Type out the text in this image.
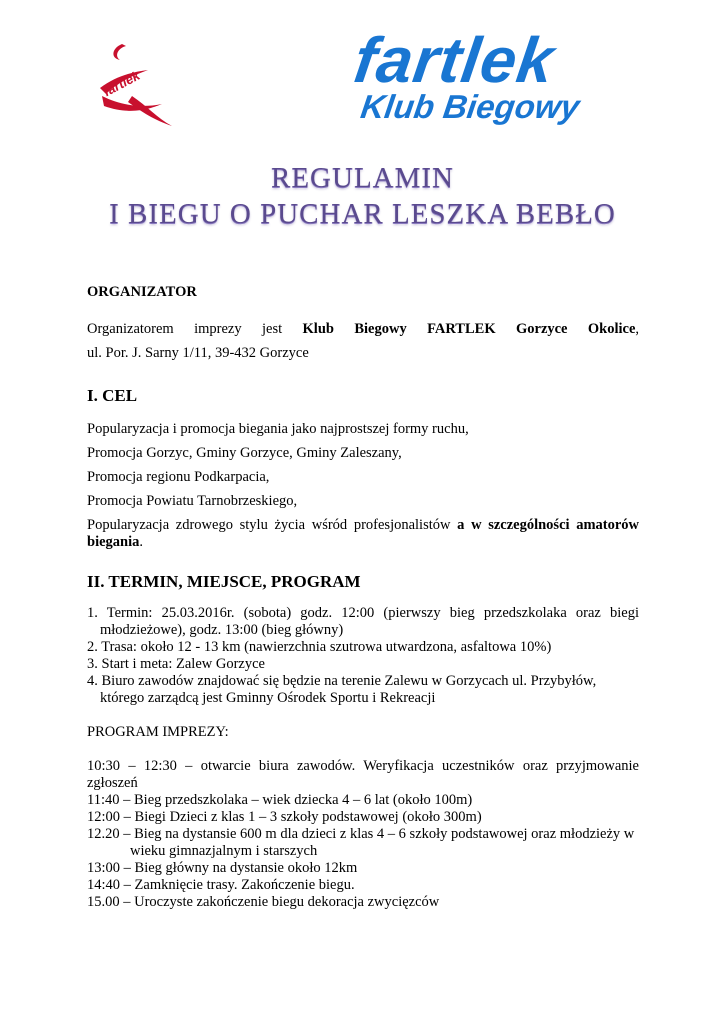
fartlek	fartlek
Klub Biegowy
REGULAMIN
I BIEGU O PUCHAR LESZKA BEBŁO

ORGANIZATOR

Organizatorem imprezy jest Klub Biegowy FARTLEK Gorzyce Okolice,

ul. Por. J. Sarny 1/11, 39-432 Gorzyce

I. CEL

Popularyzacja i promocja biegania jako najprostszej formy ruchu,

Promocja Gorzyc, Gminy Gorzyce, Gminy Zaleszany,

Promocja regionu Podkarpacia,

Promocja Powiatu Tarnobrzeskiego,

Popularyzacja zdrowego stylu życia wśród profesjonalistów a w szczególności amatorów
biegania.

II. TERMIN, MIEJSCE, PROGRAM

1. Termin: 25.03.2016r. (sobota) godz. 12:00 (pierwszy bieg przedszkolaka oraz biegi młodzieżowe), godz. 13:00 (bieg główny)
2. Trasa: około 12 - 13 km (nawierzchnia szutrowa utwardzona, asfaltowa 10%)
3. Start i meta: Zalew Gorzyce
4. Biuro zawodów znajdować się będzie na terenie Zalewu w Gorzycach ul. Przybyłów, którego zarządcą jest Gminny Ośrodek Sportu i Rekreacji

PROGRAM IMPREZY:

10:30 – 12:30 – otwarcie biura zawodów. Weryfikacja uczestników oraz przyjmowanie

zgłoszeń

11:40 – Bieg przedszkolaka – wiek dziecka 4 – 6 lat (około 100m)

12:00 – Biegi Dzieci z klas 1 – 3 szkoły podstawowej (około 300m)

12.20 – Bieg na dystansie 600 m dla dzieci z klas 4 – 6 szkoły podstawowej oraz młodzieży w

wieku gimnazjalnym i starszych

13:00 – Bieg główny na dystansie około 12km

14:40 – Zamknięcie trasy. Zakończenie biegu.

15.00 – Uroczyste zakończenie biegu dekoracja zwycięzców
